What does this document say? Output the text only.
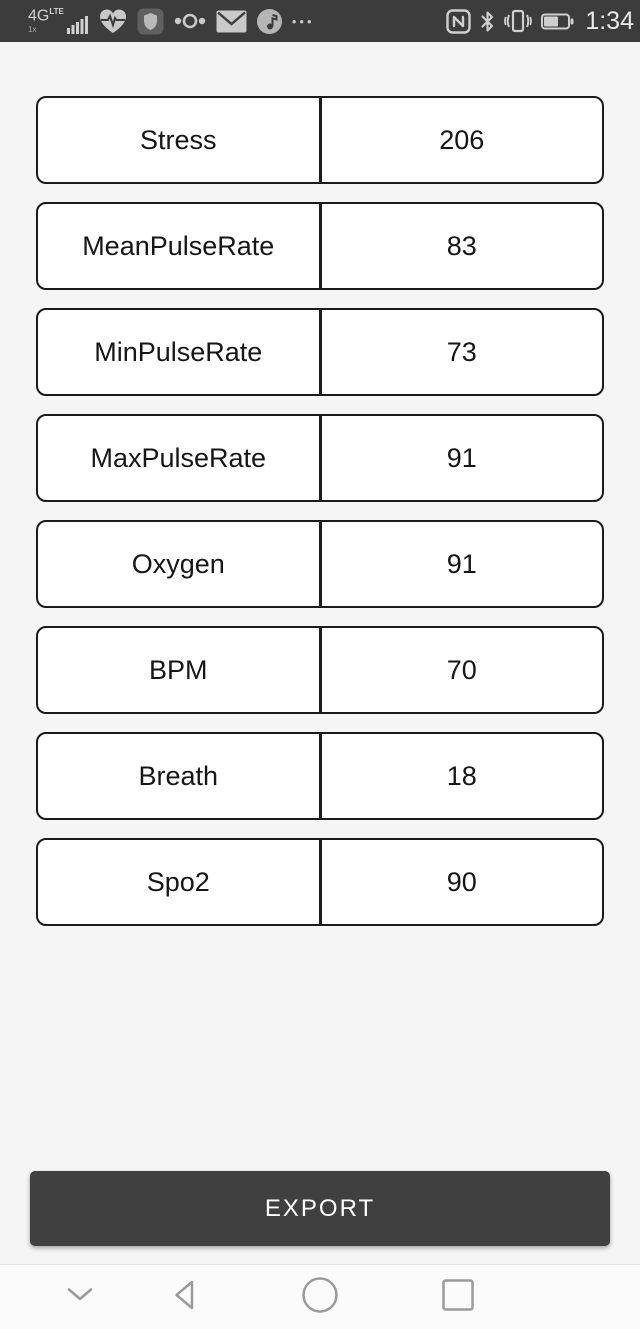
$4G^{LTE}$
1x
•••	1:34
Stress	206
MeanPulseRate	83
MinPulseRate	73
MaxPulseRate	91
Oxygen	91
BPM	70
Breath	18
Spo2	90
EXPORT
